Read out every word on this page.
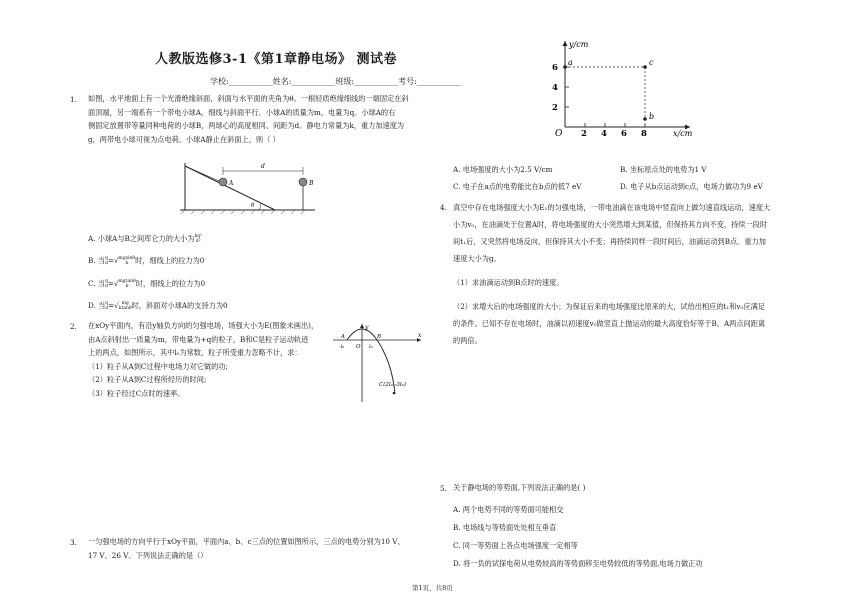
人教版选修3-1《第1章静电场》 测试卷
学校:___________姓名:___________班级:___________考号:___________
1. 如图，水平地面上有一个光滑绝缘斜面，斜面与水平面的夹角为θ。一根轻质绝缘细线的一端固定在斜
面顶端，另一端系有一个带电小球A，细线与斜面平行。小球A的质量为m，电量为q。小球A的右
侧固定放置带等量同种电荷的小球B，两球心的高度相同、间距为d。静电力常量为k，重力加速度为
g，两带电小球可视为点电荷。小球A静止在斜面上，则（ ）
A	B
d
θ
A. 小球A与B之间库仑力的大小为kq²
d²
B. 当q
d=√mgsinθ
k 时，细线上的拉力为0
C. 当q
d=√mgtanθ
k 时，细线上的拉力为0
D. 当q
d=√ mg
ktanθ时，斜面对小球A的支持力为0
2. 在xOy平面内，有沿y轴负方向的匀强电场，场强大小为E(图象未画出)，
由A点斜射出一质量为m，带电量为+q的粒子，B和C是粒子运动轨迹
上的两点，如图所示，其中l₀为常数，粒子所受重力忽略不计，求：
（1）粒子从A到C过程中电场力对它做的功;
（2）粒子从A到C过程所经历的时间;
（3）粒子经过C点时的速率。
y
x
A
-l₀ O
B
l₀
C(2l₀,-3l₀)
3. 一匀强电场的方向平行于xOy平面，平面内a、b、c三点的位置如图所示，三点的电势分别为10 V、
17 V、26 V。下列说法正确的是（）
y/cm
x/cm
O
6
4
2
2 4 6 8
a	c
b
A. 电场强度的大小为2.5 V/cm	B. 坐标原点处的电势为1 V
C. 电子在a点的电势能比在b点的低7 eV	D. 电子从b点运动到c点，电场力做功为9 eV
4. 真空中存在电场强度大小为E₁的匀强电场，一带电油滴在该电场中竖直向上做匀速直线运动，速度大
小为v₀，在油滴处于位置A时，将电场强度的大小突然增大到某值，但保持其方向不变，持续一段时
间t₁后，又突然将电场反向，但保持其大小不变；再持续同样一段时间后，油滴运动到B点。重力加
速度大小为g。
（1）求油滴运动到B点时的速度。
（2）求增大后的电场强度的大小；为保证后来的电场强度比原来的大，试给出相应的t₁和v₀应满足
的条件。已知不存在电场时，油滴以初速度v₀做竖直上抛运动的最大高度恰好等于B、A两点间距离
的两倍。
5. 关于静电场的等势面,下列说法正确的是( )
A. 两个电势不同的等势面可能相交
B. 电场线与等势面处处相互垂直
C. 同一等势面上各点电场强度一定相等
D. 将一负的试探电荷从电势较高的等势面移至电势较低的等势面,电场力做正功
第1页，共8页
